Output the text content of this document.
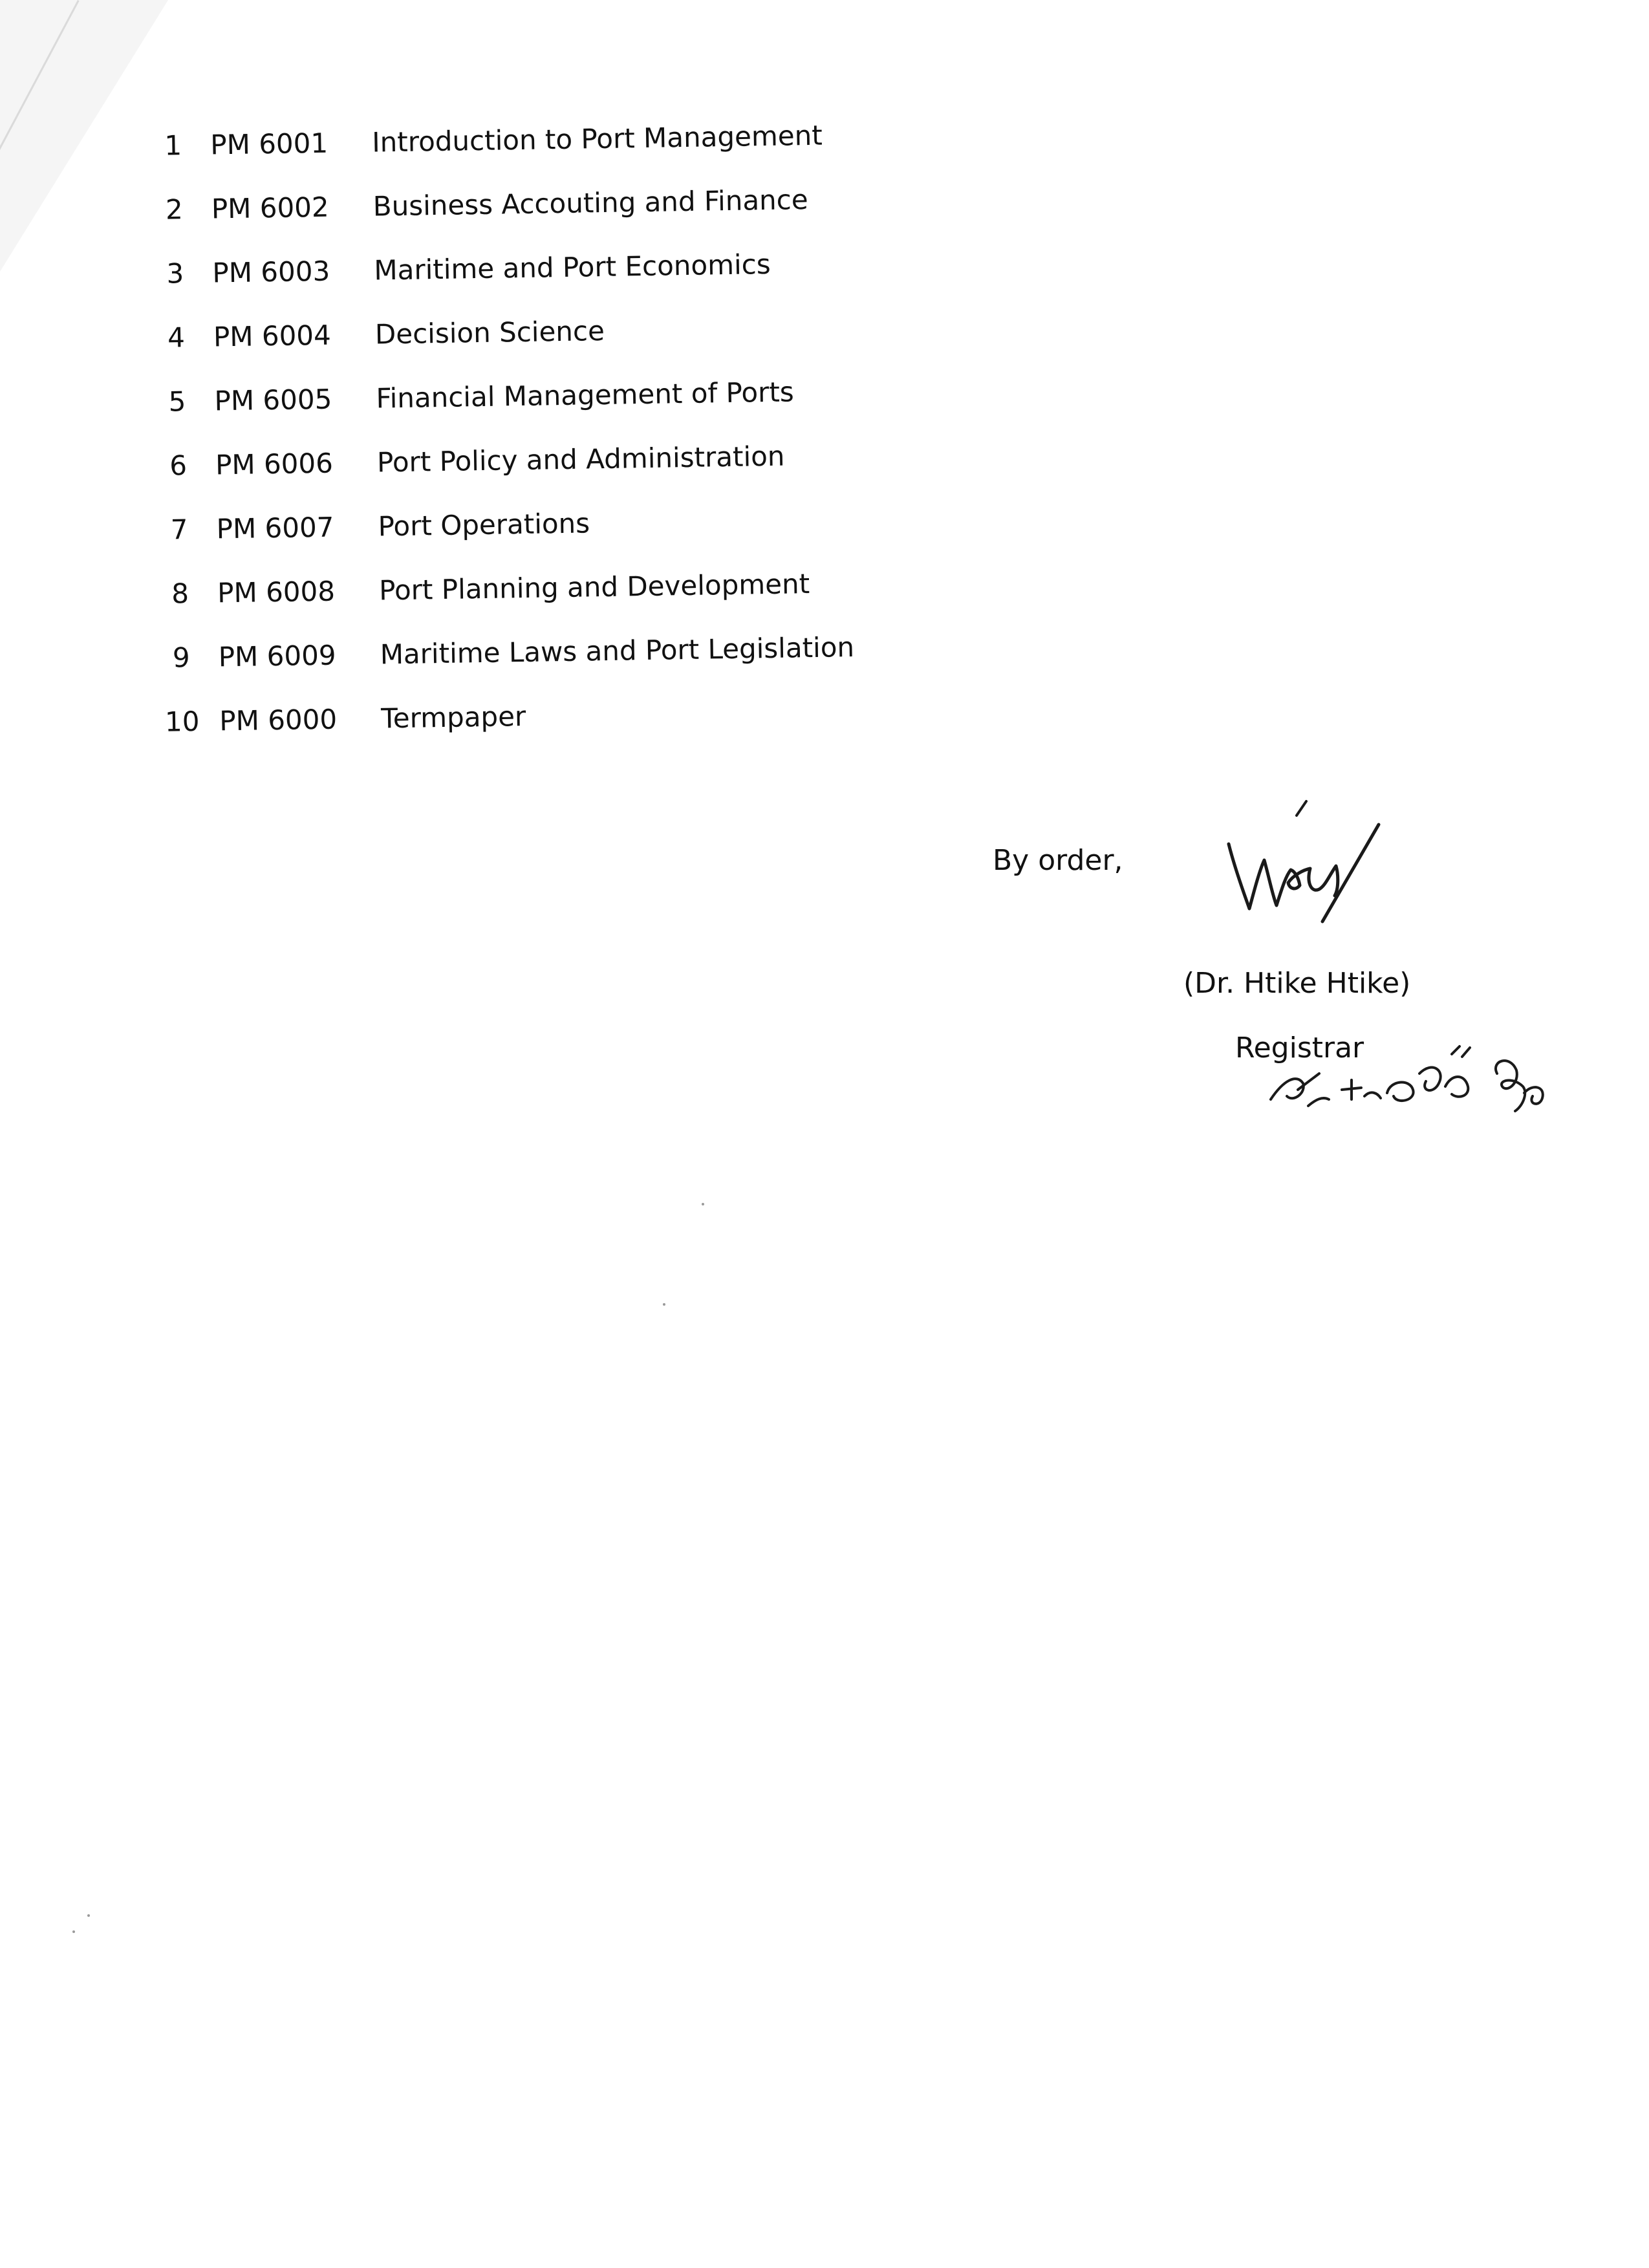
1	PM 6001	Introduction to Port Management
2	PM 6002	Business Accouting and Finance
3	PM 6003	Maritime and Port Economics
4	PM 6004	Decision Science
5	PM 6005	Financial Management of Ports
6	PM 6006	Port Policy and Administration
7	PM 6007	Port Operations
8	PM 6008	Port Planning and Development
9	PM 6009	Maritime Laws and Port Legislation
10 PM 6000	Termpaper
By order,
(Dr. Htike Htike)
Registrar
